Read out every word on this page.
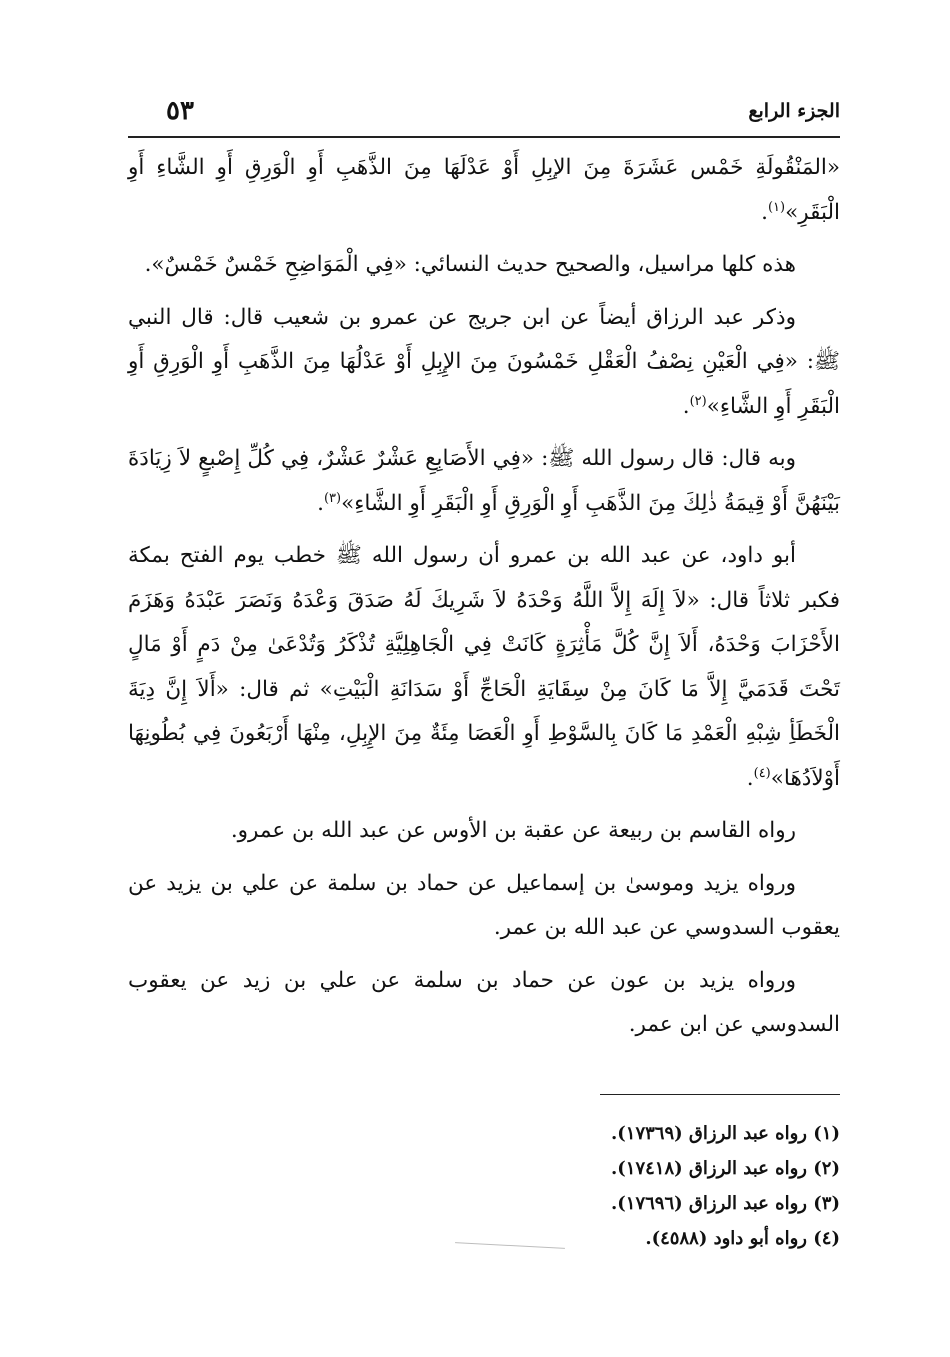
٥٣	الجزء الرابع

«المَنْقُولَةِ خَمْس عَشَرَةَ مِنَ الإبِلِ أَوْ عَدْلَهَا مِنَ الذَّهَبِ أَوِ الْوَرِقِ أَوِ الشَّاءِ أَوِ الْبَقَرِ»$^{(١)}$.

هذه كلها مراسيل، والصحيح حديث النسائي: «فِي الْمَوَاضِحِ خَمْسٌ خَمْسٌ».

وذكر عبد الرزاق أيضاً عن ابن جريج عن عمرو بن شعيب قال: قال النبي ﷺ: «فِي الْعَيْنِ نِصْفُ الْعَقْلِ خَمْسُونَ مِنَ الإِبِلِ أَوْ عَدْلُهَا مِنَ الذَّهَبِ أَوِ الْوَرِقِ أَوِ الْبَقَرِ أَوِ الشَّاءِ»$^{(٢)}$.

وبه قال: قال رسول الله ﷺ: «فِي الأَصَابِعِ عَشْرٌ عَشْرٌ، فِي كُلِّ إِصْبعٍ لاَ زِيَادَةَ بَيْنَهُنَّ أَوْ قِيمَةُ ذٰلِكَ مِنَ الذَّهَبِ أَوِ الْوَرِقِ أَوِ الْبَقَرِ أَوِ الشَّاءِ»$^{(٣)}$.

أبو داود، عن عبد الله بن عمرو أن رسول الله ﷺ خطب يوم الفتح بمكة فكبر ثلاثاً قال: «لاَ إِلَهَ إِلاَّ اللَّهُ وَحْدَهُ لاَ شَرِيكَ لَهُ صَدَقَ وَعْدَهُ وَنَصَرَ عَبْدَهُ وَهَزَمَ الأَحْزَابَ وَحْدَهُ، أَلاَ إِنَّ كُلَّ مَأْثِرَةٍ كَانَتْ فِي الْجَاهِلِيَّةِ تُذْكَرُ وَتُدْعَىٰ مِنْ دَمٍ أَوْ مَالٍ تَحْتَ قَدَمَيَّ إِلاَّ مَا كَانَ مِنْ سِقَايَةِ الْحَاجِّ أَوْ سَدَانَةِ الْبَيْتِ» ثم قال: «أَلاَ إِنَّ دِيَةَ الْخَطَأِ شِبْهِ الْعَمْدِ مَا كَانَ بِالسَّوْطِ أَوِ الْعَصَا مِئَةٌ مِنَ الإِبِلِ، مِنْهَا أَرْبَعُونَ فِي بُطُونِهَا أَوْلاَدُهَا»$^{(٤)}$.

رواه القاسم بن ربيعة عن عقبة بن الأوس عن عبد الله بن عمرو.

ورواه يزيد وموسىٰ بن إسماعيل عن حماد بن سلمة عن علي بن يزيد عن يعقوب السدوسي عن عبد الله بن عمر.

ورواه يزيد بن عون عن حماد بن سلمة عن علي بن زيد عن يعقوب السدوسي عن ابن عمر.

(١) رواه عبد الرزاق (١٧٣٦٩).
(٢) رواه عبد الرزاق (١٧٤١٨).
(٣) رواه عبد الرزاق (١٧٦٩٦).
(٤) رواه أبو داود (٤٥٨٨).
